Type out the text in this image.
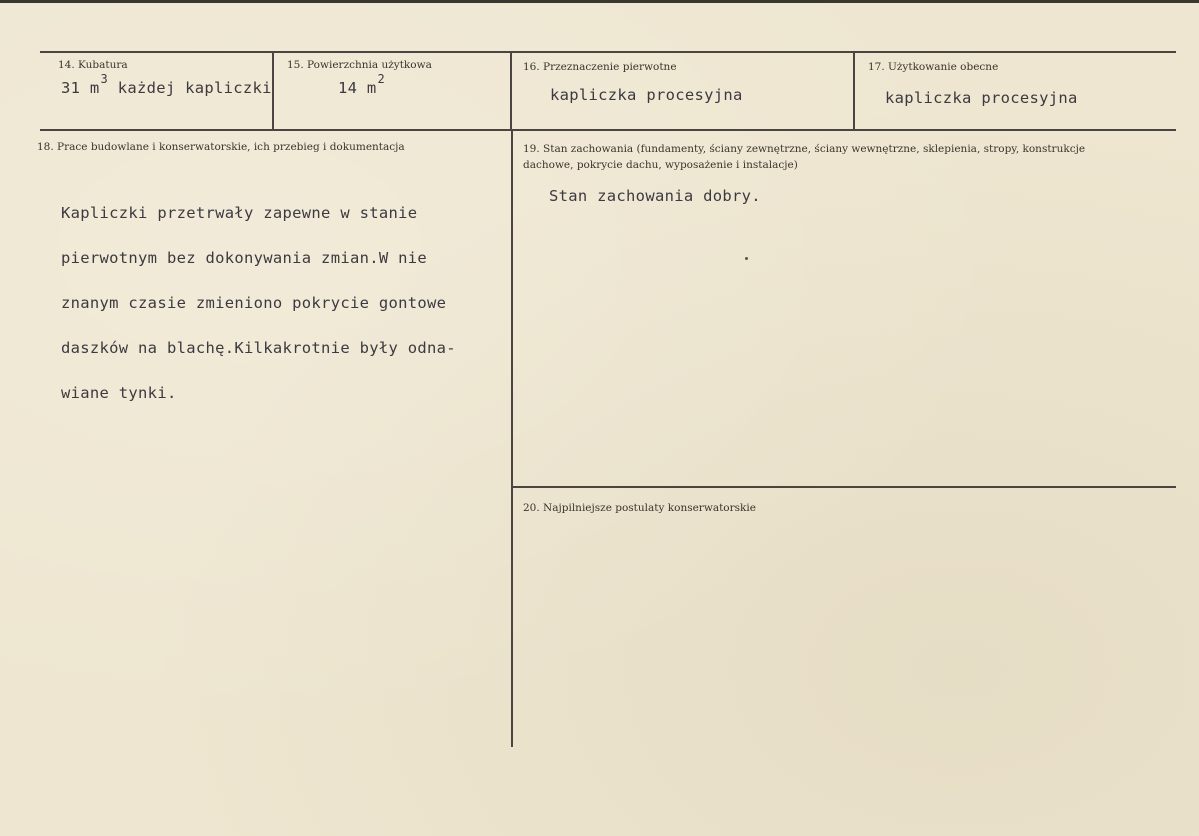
14. Kubatura
31 $m^3$ każdej kapliczki
15. Powierzchnia użytkowa
14 $m^2$
16. Przeznaczenie pierwotne
kapliczka procesyjna
17. Użytkowanie obecne
kapliczka procesyjna
18. Prace budowlane i konserwatorskie, ich przebieg i dokumentacja

Kapliczki przetrwały zapewne w stanie

pierwotnym bez dokonywania zmian.W nie

znanym czasie zmieniono pokrycie gontowe

daszków na blachę.Kilkakrotnie były odna-

wiane tynki.

19. Stan zachowania (fundamenty, ściany zewnętrzne, ściany wewnętrzne, sklepienia, stropy, konstrukcje
dachowe, pokrycie dachu, wyposażenie i instalacje)
Stan zachowania dobry.
20. Najpilniejsze postulaty konserwatorskie
